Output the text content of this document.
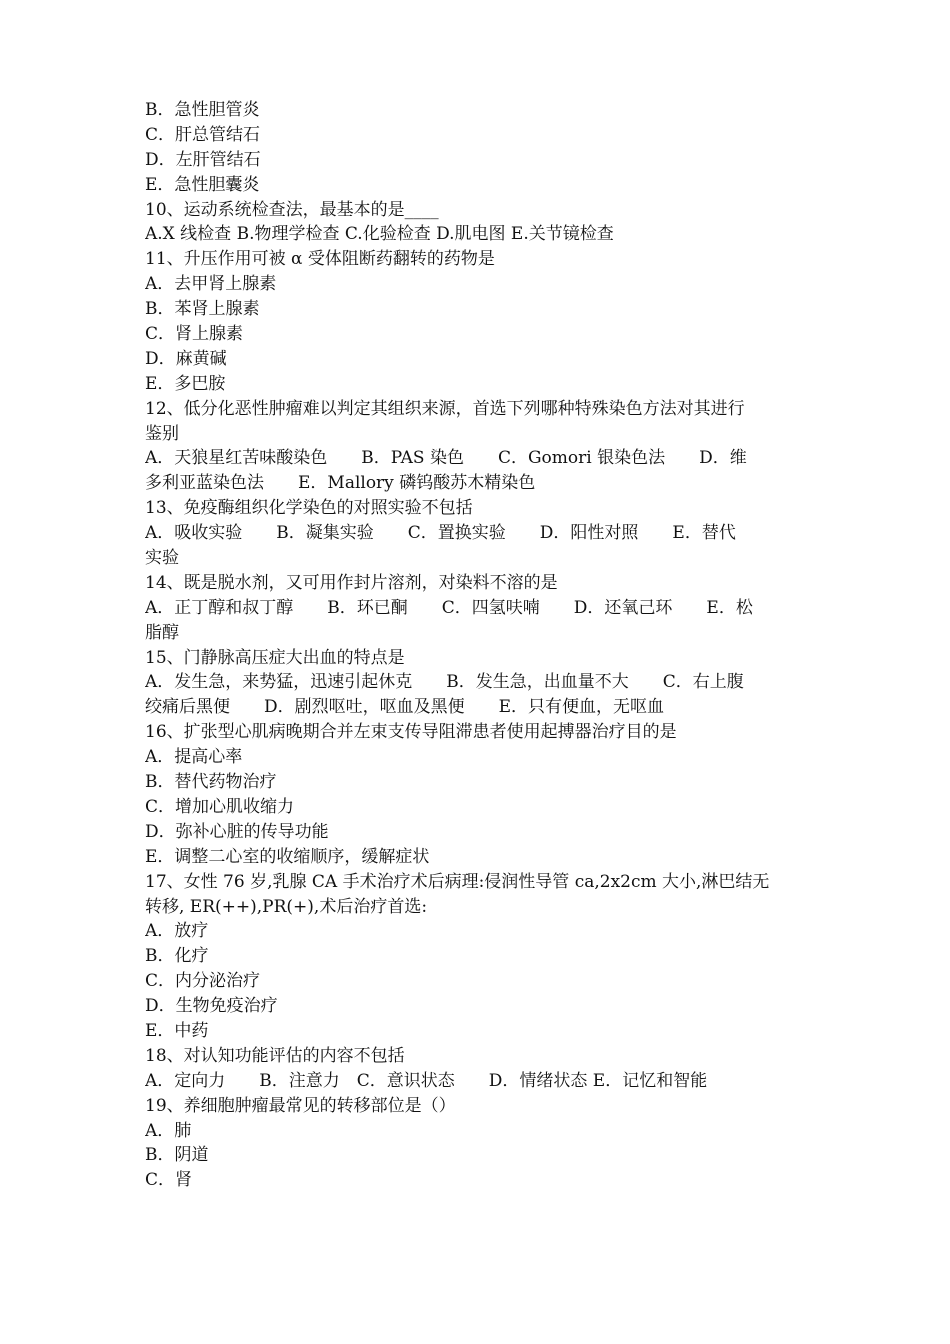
B．急性胆管炎
C．肝总管结石
D．左肝管结石
E．急性胆囊炎
10、运动系统检查法，最基本的是____
A.X 线检查 B.物理学检查 C.化验检查 D.肌电图 E.关节镜检查
11、升压作用可被 α 受体阻断药翻转的药物是
A．去甲肾上腺素
B．苯肾上腺素
C．肾上腺素
D．麻黄碱
E．多巴胺
12、低分化恶性肿瘤难以判定其组织来源，首选下列哪种特殊染色方法对其进行
鉴别
A．天狼星红苦味酸染色　　B．PAS 染色　　C．Gomori 银染色法　　D．维
多利亚蓝染色法　　E．Mallory 磷钨酸苏木精染色
13、免疫酶组织化学染色的对照实验不包括
A．吸收实验　　B．凝集实验　　C．置换实验　　D．阳性对照　　E．替代
实验
14、既是脱水剂，又可用作封片溶剂，对染料不溶的是
A．正丁醇和叔丁醇　　B．环已酮　　C．四氢呋喃　　D．还氧己环　　E．松
脂醇
15、门静脉高压症大出血的特点是
A．发生急，来势猛，迅速引起休克　　B．发生急，出血量不大　　C．右上腹
绞痛后黑便　　D．剧烈呕吐，呕血及黑便　　E．只有便血，无呕血
16、扩张型心肌病晚期合并左束支传导阻滞患者使用起搏器治疗目的是
A．提高心率
B．替代药物治疗
C．增加心肌收缩力
D．弥补心脏的传导功能
E．调整二心室的收缩顺序，缓解症状
17、女性 76 岁,乳腺 CA 手术治疗术后病理:侵润性导管 ca,2x2cm 大小,淋巴结无
转移, ER(++),PR(+),术后治疗首选:
A．放疗
B．化疗
C．内分泌治疗
D．生物免疫治疗
E．中药
18、对认知功能评估的内容不包括
A．定向力　　B．注意力　C．意识状态　　D．情绪状态 E．记忆和智能
19、养细胞肿瘤最常见的转移部位是（）
A．肺
B．阴道
C．肾
